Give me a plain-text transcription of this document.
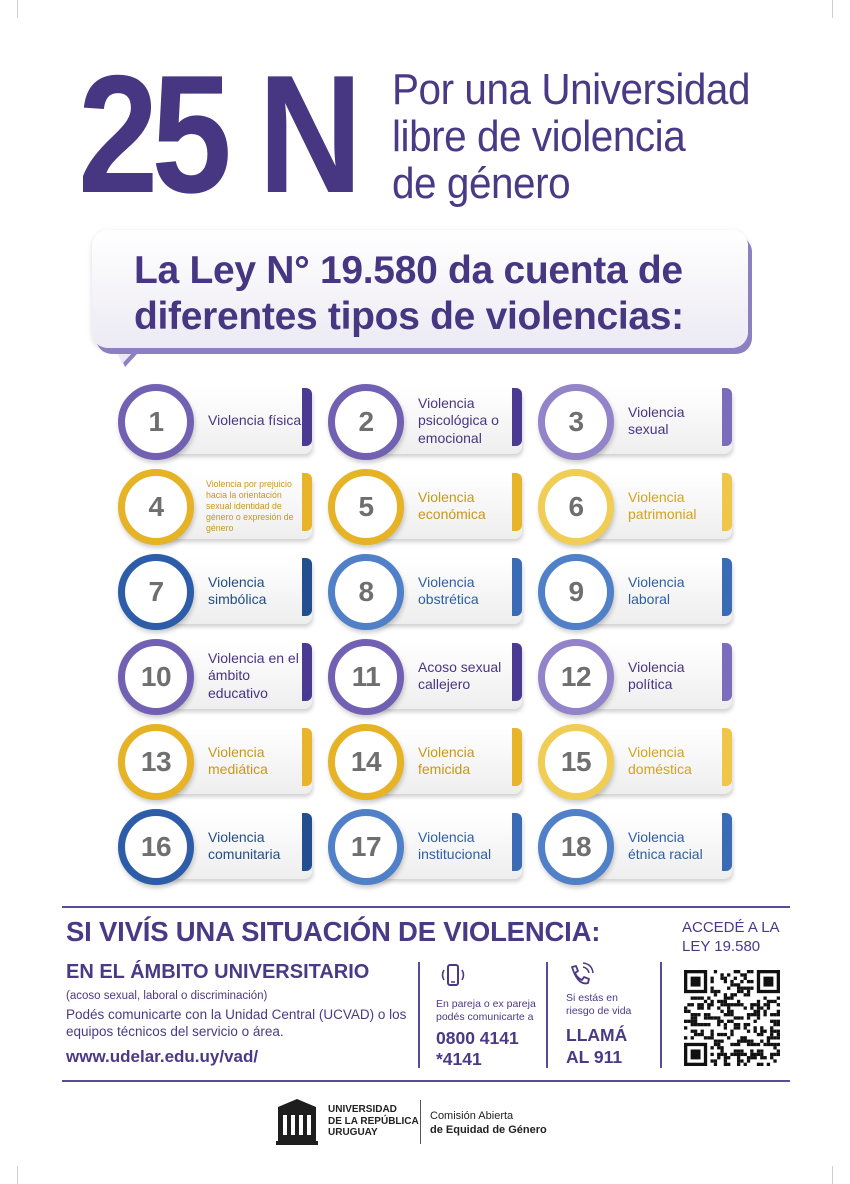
25 N Por una Universidad
libre de violencia
de género
La Ley N° 19.580 da cuenta de
diferentes tipos de violencias:
1	Violencia física 2
Violencia psicológica o emocional
3	Violencia sexual
4
Violencia por prejuicio hacia la orientación sexual identidad de género o expresión de género
5	Violencia económica	6	Violencia patrimonial
7	Violencia simbólica	8	Violencia obstrética	9	Violencia laboral
10
Violencia en el ámbito educativo
11	Acoso sexual callejero	12	Violencia política
13	Violencia mediática	14	Violencia femicida	15	Violencia doméstica
16	Violencia comunitaria	17	Violencia institucional	18	Violencia étnica racial
SI VIVÍS UNA SITUACIÓN DE VIOLENCIA:
EN EL ÁMBITO UNIVERSITARIO
(acoso sexual, laboral o discriminación)
Podés comunicarte con la Unidad Central (UCVAD) o los equipos técnicos del servicio o área.
www.udelar.edu.uy/vad/
En pareja o ex pareja podés comunicarte a
0800 4141
*4141
Si estás en riesgo de vida
LLAMÁ
AL 911
ACCEDÉ A LA LEY 19.580
UNIVERSIDAD
DE LA REPÚBLICA
URUGUAY
Comisión Abierta
de Equidad de Género
